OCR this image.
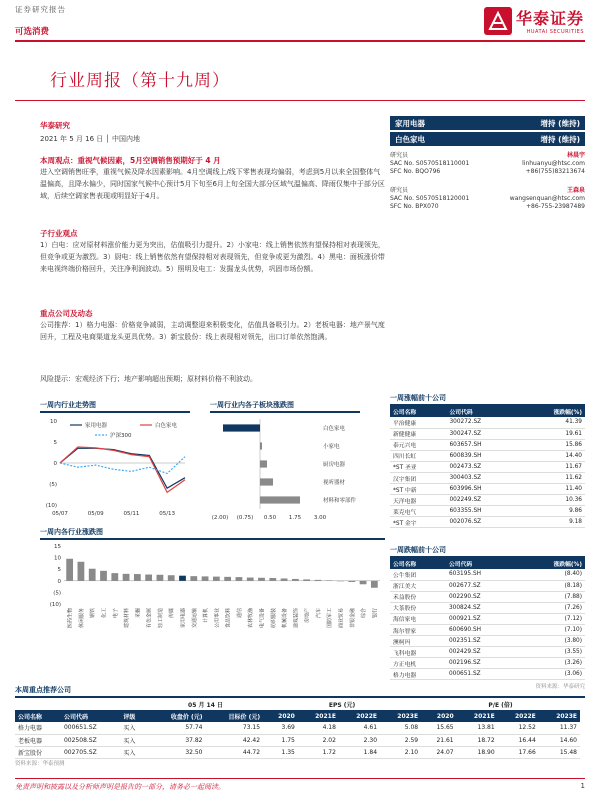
证券研究报告
可选消费
华泰证券
HUATAI SECURITIES
行业周报（第十九周）
华泰研究
2021 年 5 月 16 日 │ 中国内地
本周观点：重视气候因素，5月空调销售预期好于 4 月
进入空调销售旺季，重视气候及降水因素影响。4月空调线上/线下零售表现均偏弱，考虑到5月以来全国整体气温偏高，且降水偏少，同时国家气候中心预计5月下旬至6月上旬全国大部分区域气温偏高、降雨仅集中于部分区域，后续空调家售表现或明显好于4月。
子行业观点
1）白电：应对原材料涨价能力更为突出，估值吸引力提升。2）小家电：线上销售依然有望保持相对表现领先，但竞争或更为激烈。3）厨电：线上销售依然有望保持相对表现领先，但竞争或更为激烈。4）黑电：面板涨价带来电视终端价格回升，关注净利润波动。5）照明及电工：发掘龙头优势，巩固市场份额。
重点公司及动态
公司推荐：1）格力电器：价格竞争减弱，主动调整迎来积极变化，估值具备吸引力。2）老板电器：地产景气度回升，工程及电商渠道龙头更具优势。3）新宝股份：线上表现相对领先，出口订单依然饱满。
风险提示：宏观经济下行；地产影响超出预期；原材料价格不利波动。
家用电器	增持 (维持)
白色家电	增持 (维持)
研究员	林晨宇
SAC No. S0570518110001	linhuanyu@htsc.com
SFC No. BQO796	+86(755)83213674
研究员	王森泉
SAC No. S0570518120001	wangsenquan@htsc.com
SFC No. BPX070	+86-755-23987489
一周涨幅前十公司
公司名称	公司代码	涨跌幅(%)
平治健康	300272.SZ	41.39
新健健康	300247.SZ	19.61
泰元兴电	603657.SH	15.86
四川长虹	600839.SH	14.40
*ST 圣亚	002473.SZ	11.67
汉宇集团	300403.SZ	11.62
*ST 中新	603996.SH	11.40
天洋电器	002249.SZ	10.36
莱克电气	603355.SH	9.86
*ST 金宇	002076.SZ	9.18
一周跌幅前十公司
公司名称	公司代码	涨跌幅(%)
公牛集团	603195.SH	(8.40)
浙江美大	002677.SZ	(8.18)
禾益股份	002290.SZ	(7.88)
大茶股份	300824.SZ	(7.26)
海信家电	000921.SZ	(7.12)
海尔智家	600690.SH	(7.10)
澳柯玛	002351.SZ	(3.80)
飞科电器	002429.SZ	(3.55)
方正电机	002196.SZ	(3.26)
格力电器	000651.SZ	(3.06)
资料来源：华泰研究
一周内行业走势图
10
5
0
(5)
(10)
05/07	05/09	05/11	05/13
家用电器	白色家电
沪深300
一周行业内各子板块涨跌图
白色家电
小家电
厨房电器
视听器材
材料和零部件
(2.00) (0.75) 0.50 1.75 3.00
一周内各行业涨跌图
15
10
5
0
(5)
(10)
医药生物 休闲服务 钢铁 化工 电子 建筑材料 采掘 有色金属 轻工制造 传媒 家用电器 交通运输 计算机 公用事业 食品饮料 通信 农林牧渔 电气设备 纺织服装 机械设备 建筑装饰 房地产 汽车 国防军工 商业贸易 非银金融 综合 银行
本周重点推荐公司
			05 月 14 日		EPS (元)				P/E (倍)			
公司名称	公司代码	评级	收盘价 (元)	目标价 (元)	2020	2021E	2022E	2023E	2020	2021E	2022E	2023E
格力电器	000651.SZ	买入	57.74	73.15	3.69	4.18	4.61	5.08	15.65	13.81	12.52	11.37
老板电器	002508.SZ	买入	37.82	42.42	1.75	2.02	2.30	2.59	21.61	18.72	16.44	14.60
新宝股份	002705.SZ	买入	32.50	44.72	1.35	1.72	1.84	2.10	24.07	18.90	17.66	15.48
资料来源：华泰预测
免责声明和披露以及分析师声明是报告的一部分，请务必一起阅读。	1
